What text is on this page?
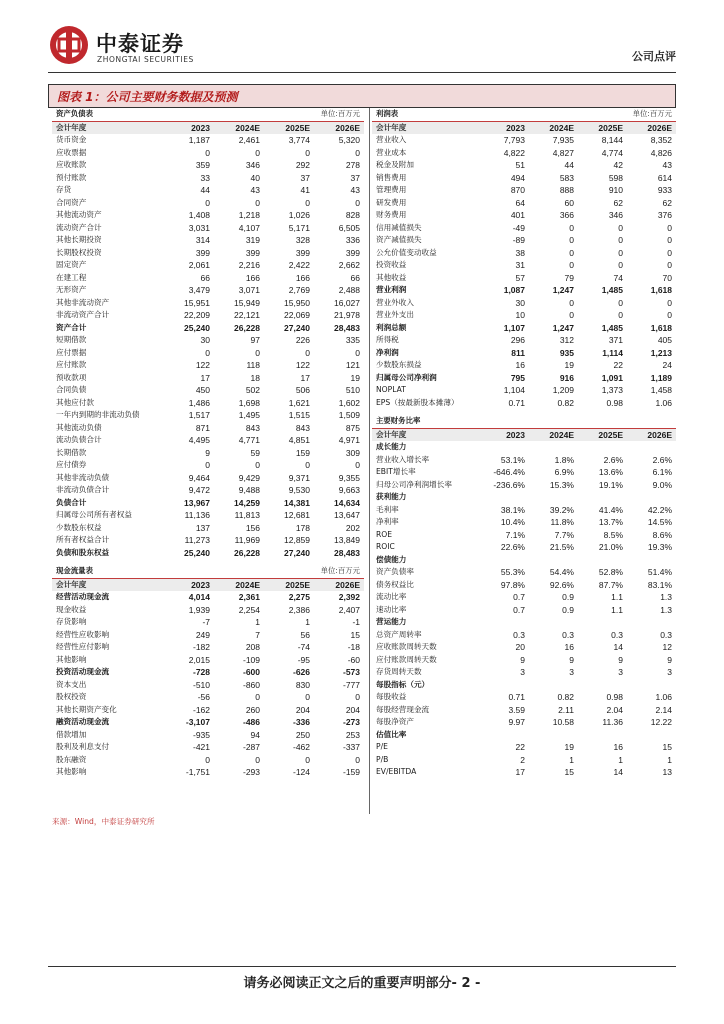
中泰证券
ZHONGTAI SECURITIES	公司点评
图表 1：公司主要财务数据及预测
资产负债表			单位:百万元	
会计年度	2023	2024E	2025E	2026E
货币资金	1,187	2,461	3,774	5,320
应收票据	0	0	0	0
应收账款	359	346	292	278
预付账款	33	40	37	37
存货	44	43	41	43
合同资产	0	0	0	0
其他流动资产	1,408	1,218	1,026	828
流动资产合计	3,031	4,107	5,171	6,505
其他长期投资	314	319	328	336
长期股权投资	399	399	399	399
固定资产	2,061	2,216	2,422	2,662
在建工程	66	166	166	66
无形资产	3,479	3,071	2,769	2,488
其他非流动资产	15,951	15,949	15,950	16,027
非流动资产合计	22,209	22,121	22,069	21,978
资产合计	25,240	26,228	27,240	28,483
短期借款	30	97	226	335
应付票据	0	0	0	0
应付账款	122	118	122	121
预收款项	17	18	17	19
合同负债	450	502	506	510
其他应付款	1,486	1,698	1,621	1,602
一年内到期的非流动负债	1,517	1,495	1,515	1,509
其他流动负债	871	843	843	875
流动负债合计	4,495	4,771	4,851	4,971
长期借款	9	59	159	309
应付债券	0	0	0	0
其他非流动负债	9,464	9,429	9,371	9,355
非流动负债合计	9,472	9,488	9,530	9,663
负债合计	13,967	14,259	14,381	14,634
归属母公司所有者权益	11,136	11,813	12,681	13,647
少数股东权益	137	156	178	202
所有者权益合计	11,273	11,969	12,859	13,849
负债和股东权益	25,240	26,228	27,240	28,483

现金流量表			单位:百万元	
会计年度	2023	2024E	2025E	2026E
经营活动现金流	4,014	2,361	2,275	2,392
现金收益	1,939	2,254	2,386	2,407
存货影响	-7	1	1	-1
经营性应收影响	249	7	56	15
经营性应付影响	-182	208	-74	-18
其他影响	2,015	-109	-95	-60
投资活动现金流	-728	-600	-626	-573
资本支出	-510	-860	830	-777
股权投资	-56	0	0	0
其他长期资产变化	-162	260	204	204
融资活动现金流	-3,107	-486	-336	-273
借款增加	-935	94	250	253
股利及利息支付	-421	-287	-462	-337
股东融资	0	0	0	0
其他影响	-1,751	-293	-124	-159
利润表			单位:百万元	
会计年度	2023	2024E	2025E	2026E
营业收入	7,793	7,935	8,144	8,352
营业成本	4,822	4,827	4,774	4,826
税金及附加	51	44	42	43
销售费用	494	583	598	614
管理费用	870	888	910	933
研发费用	64	60	62	62
财务费用	401	366	346	376
信用减值损失	-49	0	0	0
资产减值损失	-89	0	0	0
公允价值变动收益	38	0	0	0
投资收益	31	0	0	0
其他收益	57	79	74	70
营业利润	1,087	1,247	1,485	1,618
营业外收入	30	0	0	0
营业外支出	10	0	0	0
利润总额	1,107	1,247	1,485	1,618
所得税	296	312	371	405
净利润	811	935	1,114	1,213
少数股东损益	16	19	22	24
归属母公司净利润	795	916	1,091	1,189
NOPLAT	1,104	1,209	1,373	1,458
EPS（按最新股本摊薄）	0.71	0.82	0.98	1.06

主要财务比率				
会计年度	2023	2024E	2025E	2026E
成长能力				
营业收入增长率	53.1%	1.8%	2.6%	2.6%
EBIT增长率	-646.4%	6.9%	13.6%	6.1%
归母公司净利润增长率	-236.6%	15.3%	19.1%	9.0%
获利能力				
毛利率	38.1%	39.2%	41.4%	42.2%
净利率	10.4%	11.8%	13.7%	14.5%
ROE	7.1%	7.7%	8.5%	8.6%
ROIC	22.6%	21.5%	21.0%	19.3%
偿债能力				
资产负债率	55.3%	54.4%	52.8%	51.4%
债务权益比	97.8%	92.6%	87.7%	83.1%
流动比率	0.7	0.9	1.1	1.3
速动比率	0.7	0.9	1.1	1.3
营运能力				
总资产周转率	0.3	0.3	0.3	0.3
应收账款周转天数	20	16	14	12
应付账款周转天数	9	9	9	9
存货周转天数	3	3	3	3
每股指标（元）				
每股收益	0.71	0.82	0.98	1.06
每股经营现金流	3.59	2.11	2.04	2.14
每股净资产	9.97	10.58	11.36	12.22
估值比率				
P/E	22	19	16	15
P/B	2	1	1	1
EV/EBITDA	17	15	14	13
来源：Wind，中泰证券研究所
请务必阅读正文之后的重要声明部分- 2 -
